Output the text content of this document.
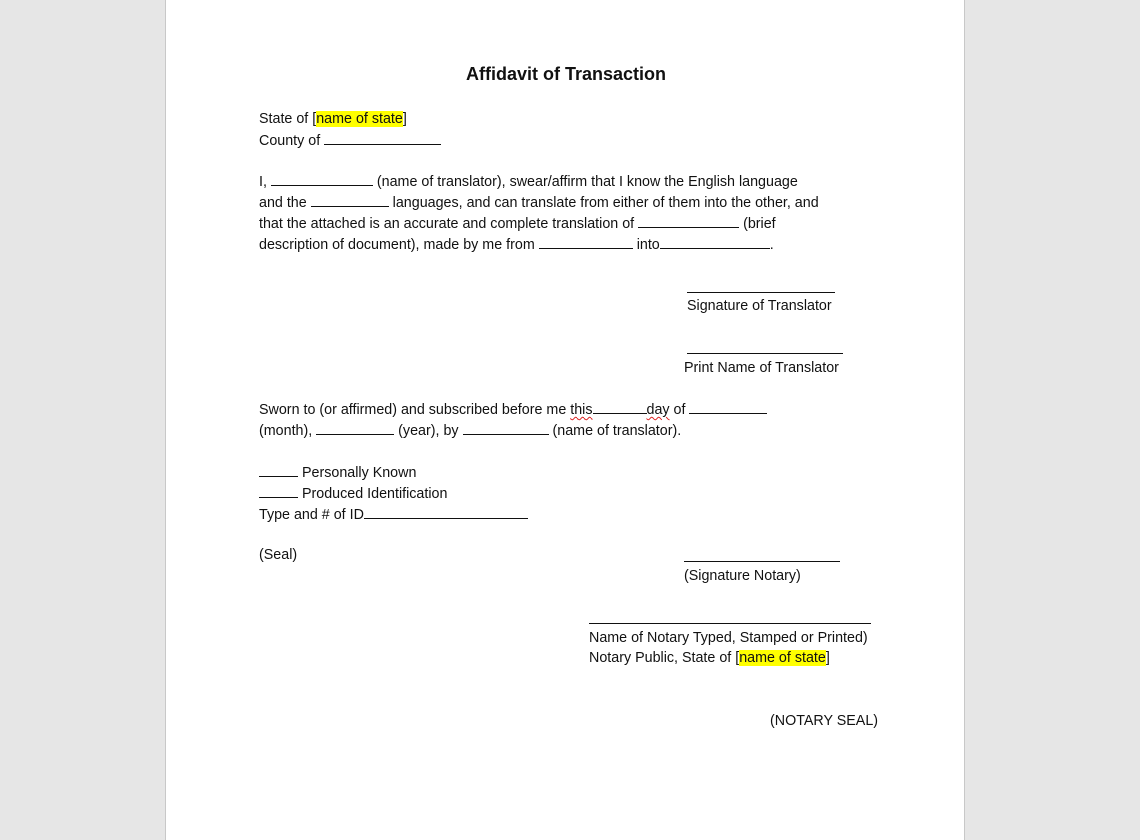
Affidavit of Transaction
State of [name of state]
County of
I,	(name of translator), swear/affirm that I know the English language
and the	languages, and can translate from either of them into the other, and
that the attached is an accurate and complete translation of	(brief
description of document), made by me from	into	.
Signature of Translator
Print Name of Translator
Sworn to (or affirmed) and subscribed before me this	day of
(month),	(year), by	(name of translator).
Personally Known
Produced Identification
Type and # of ID
(Seal)
(Signature Notary)
Name of Notary Typed, Stamped or Printed)
Notary Public, State of [name of state]
(NOTARY SEAL)
